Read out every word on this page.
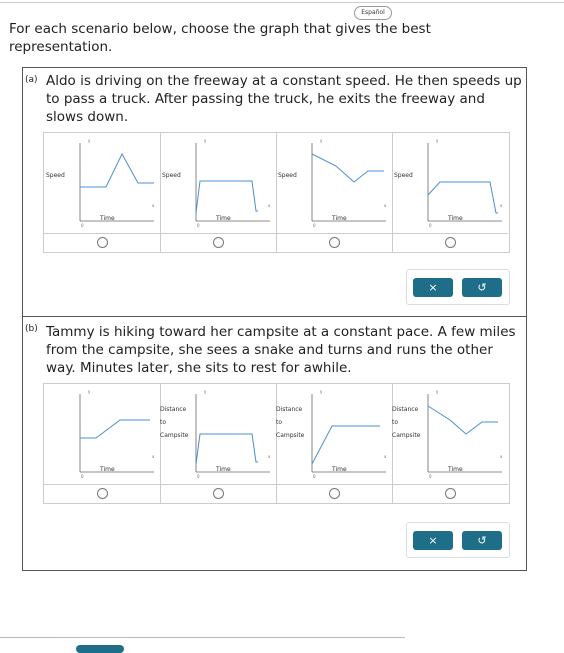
Español
For each scenario below, choose the graph that gives the best representation.
(a) Aldo is driving on the freeway at a constant speed. He then speeds up to pass a truck. After passing the truck, he exits the freeway and slows down.
y
x
0
Speed
Time
y
x
0
Speed
Time
y
x
0
Speed
Time
y
x
0
Speed
Time
×	↺
(b) Tammy is hiking toward her campsite at a constant pace. A few miles from the campsite, she sees a snake and turns and runs the other way. Minutes later, she sits to rest for awhile.
y
x
0
Time
y
x
0
Distance
to
Campsite
Time
y
x
0
Distance
to
Campsite
Time
y
x
0
Distance
to
Campsite
Time
×	↺
